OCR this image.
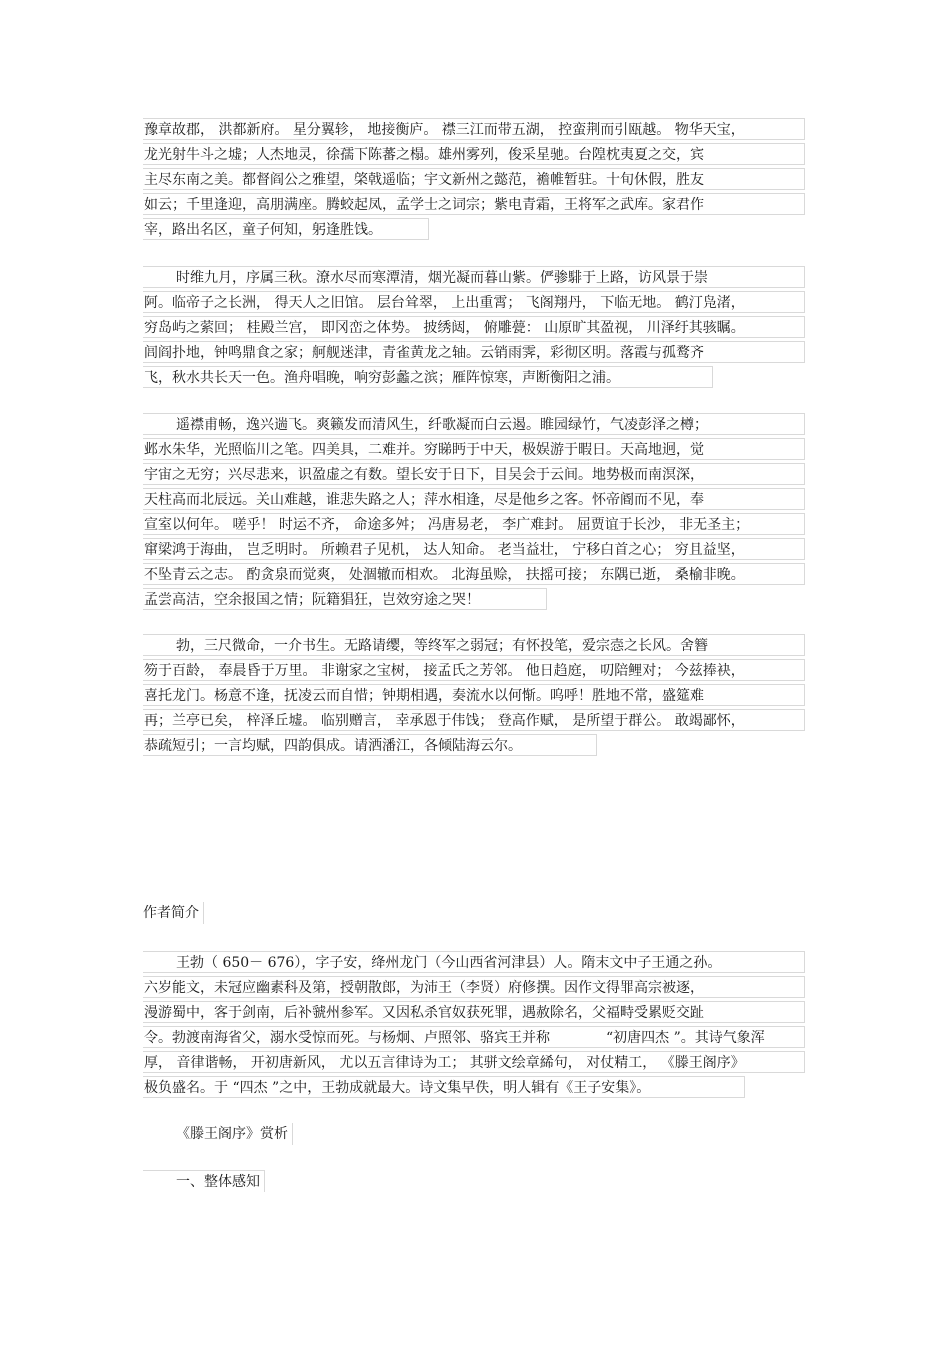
豫章故郡， 洪都新府。 星分翼轸， 地接衡庐。 襟三江而带五湖， 控蛮荆而引瓯越。 物华天宝，
龙光射牛斗之墟；人杰地灵，徐孺下陈蕃之榻。雄州雾列，俊采星驰。台隍枕夷夏之交，宾
主尽东南之美。都督阎公之雅望，棨戟遥临；宇文新州之懿范，襜帷暂驻。十旬休假，胜友
如云；千里逢迎，高朋满座。腾蛟起凤，孟学士之词宗；紫电青霜，王将军之武库。家君作
宰，路出名区，童子何知，躬逢胜饯。
时维九月，序属三秋。潦水尽而寒潭清，烟光凝而暮山紫。俨骖騑于上路，访风景于崇
阿。临帝子之长洲， 得天人之旧馆。 层台耸翠， 上出重霄； 飞阁翔丹， 下临无地。 鹤汀凫渚，
穷岛屿之萦回； 桂殿兰宫， 即冈峦之体势。 披绣闼， 俯雕甍： 山原旷其盈视， 川泽纡其骇瞩。
闾阎扑地，钟鸣鼎食之家；舸舰迷津，青雀黄龙之轴。云销雨霁，彩彻区明。落霞与孤鹜齐
飞，秋水共长天一色。渔舟唱晚，响穷彭蠡之滨；雁阵惊寒，声断衡阳之浦。
遥襟甫畅，逸兴遄飞。爽籁发而清风生，纤歌凝而白云遏。睢园绿竹，气凌彭泽之樽；
邺水朱华，光照临川之笔。四美具，二难并。穷睇眄于中天，极娱游于暇日。天高地迥，觉
宇宙之无穷；兴尽悲来，识盈虚之有数。望长安于日下，目吴会于云间。地势极而南溟深，
天柱高而北辰远。关山难越，谁悲失路之人；萍水相逢，尽是他乡之客。怀帝阍而不见，奉
宣室以何年。 嗟乎！ 时运不齐， 命途多舛； 冯唐易老， 李广难封。 屈贾谊于长沙， 非无圣主；
窜梁鸿于海曲， 岂乏明时。 所赖君子见机， 达人知命。 老当益壮， 宁移白首之心； 穷且益坚，
不坠青云之志。 酌贪泉而觉爽， 处涸辙而相欢。 北海虽赊， 扶摇可接； 东隅已逝， 桑榆非晚。
孟尝高洁，空余报国之情；阮籍猖狂，岂效穷途之哭！
勃，三尺微命，一介书生。无路请缨，等终军之弱冠；有怀投笔，爱宗悫之长风。舍簪
笏于百龄， 奉晨昏于万里。 非谢家之宝树， 接孟氏之芳邻。 他日趋庭， 叨陪鲤对； 今兹捧袂，
喜托龙门。杨意不逢，抚凌云而自惜；钟期相遇，奏流水以何惭。呜呼！胜地不常，盛筵难
再；兰亭已矣， 梓泽丘墟。 临别赠言， 幸承恩于伟饯； 登高作赋， 是所望于群公。 敢竭鄙怀，
恭疏短引；一言均赋，四韵俱成。请洒潘江，各倾陆海云尔。
作者简介
王勃（ 650－ 676），字子安，绛州龙门（今山西省河津县）人。隋末文中子王通之孙。
六岁能文，未冠应幽素科及第，授朝散郎，为沛王（李贤）府修撰。因作文得罪高宗被逐，
漫游蜀中，客于剑南，后补虢州参军。又因私杀官奴获死罪，遇赦除名，父福畤受累贬交趾
令。勃渡南海省父，溺水受惊而死。与杨炯、卢照邻、骆宾王并称　　　　“初唐四杰 ”。其诗气象浑
厚， 音律谐畅， 开初唐新风， 尤以五言律诗为工； 其骈文绘章絺句， 对仗精工， 《滕王阁序》
极负盛名。于 “四杰 ”之中，王勃成就最大。诗文集早佚，明人辑有《王子安集》。
《滕王阁序》赏析
一、整体感知
